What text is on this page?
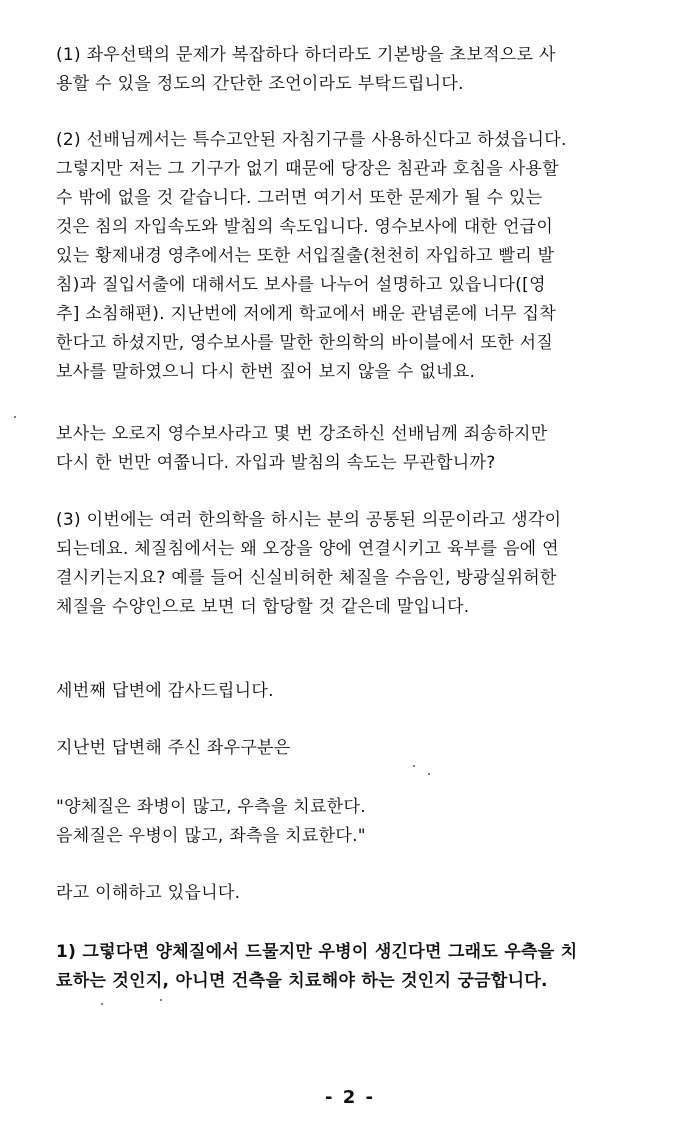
(1) 좌우선택의 문제가 복잡하다 하더라도 기본방을 초보적으로 사
용할 수 있을 정도의 간단한 조언이라도 부탁드립니다.
(2) 선배님께서는 특수고안된 자침기구를 사용하신다고 하셨읍니다.
그렇지만 저는 그 기구가 없기 때문에 당장은 침관과 호침을 사용할
수 밖에 없을 것 같습니다. 그러면 여기서 또한 문제가 될 수 있는
것은 침의 자입속도와 발침의 속도입니다. 영수보사에 대한 언급이
있는 황제내경 영추에서는 또한 서입질출(천천히 자입하고 빨리 발
침)과 질입서출에 대해서도 보사를 나누어 설명하고 있읍니다([영
추] 소침해편). 지난번에 저에게 학교에서 배운 관념론에 너무 집착
한다고 하셨지만, 영수보사를 말한 한의학의 바이블에서 또한 서질
보사를 말하였으니 다시 한번 짚어 보지 않을 수 없네요.
보사는 오로지 영수보사라고 몇 번 강조하신 선배님께 죄송하지만
다시 한 번만 여쭙니다. 자입과 발침의 속도는 무관합니까?
(3) 이번에는 여러 한의학을 하시는 분의 공통된 의문이라고 생각이
되는데요. 체질침에서는 왜 오장을 양에 연결시키고 육부를 음에 연
결시키는지요? 예를 들어 신실비허한 체질을 수음인, 방광실위허한
체질을 수양인으로 보면 더 합당할 것 같은데 말입니다.
세번째 답변에 감사드립니다.
지난번 답변해 주신 좌우구분은
"양체질은 좌병이 많고, 우측을 치료한다.
음체질은 우병이 많고, 좌측을 치료한다."
라고 이해하고 있읍니다.
1) 그렇다면 양체질에서 드물지만 우병이 생긴다면 그래도 우측을 치
료하는 것인지, 아니면 건측을 치료해야 하는 것인지 궁금합니다.
- 2 -
